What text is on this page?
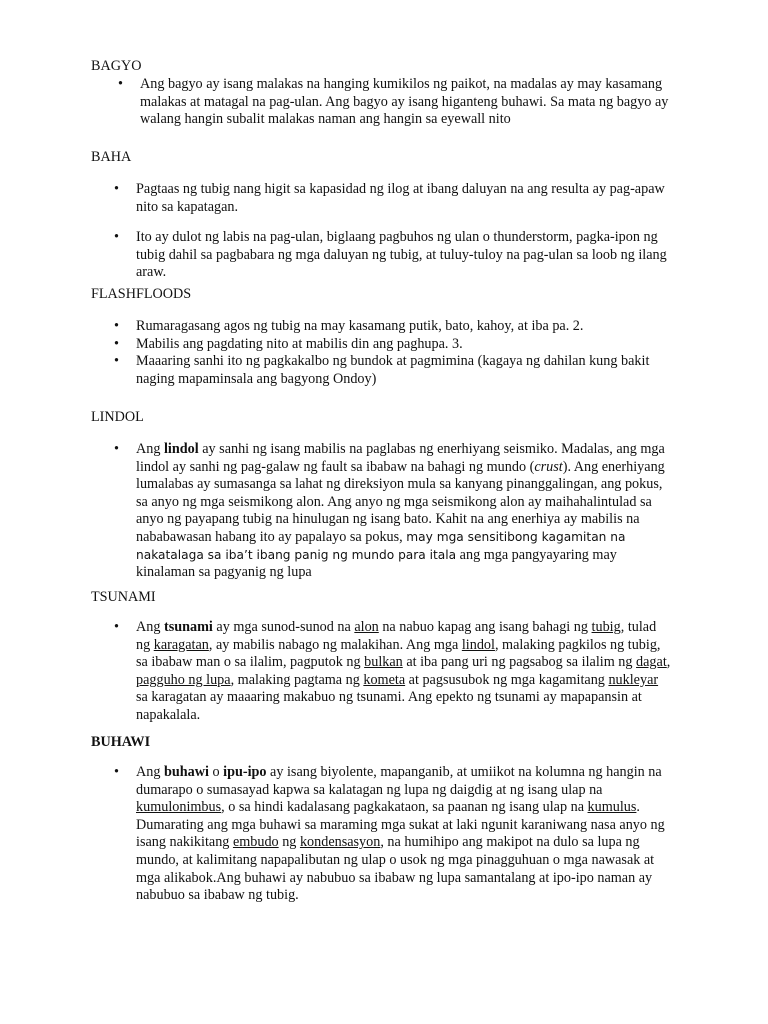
BAGYO
• Ang bagyo ay isang malakas na hanging kumikilos ng paikot, na madalas ay may kasamang malakas at matagal na pag-ulan. Ang bagyo ay isang higanteng buhawi. Sa mata ng bagyo ay walang hangin subalit malakas naman ang hangin sa eyewall nito
BAHA
• Pagtaas ng tubig nang higit sa kapasidad ng ilog at ibang daluyan na ang resulta ay pag-apaw nito sa kapatagan.
• Ito ay dulot ng labis na pag-ulan, biglaang pagbuhos ng ulan o thunderstorm, pagka-ipon ng tubig dahil sa pagbabara ng mga daluyan ng tubig, at tuluy-tuloy na pag-ulan sa loob ng ilang araw.
FLASHFLOODS
• Rumaragasang agos ng tubig na may kasamang putik, bato, kahoy, at iba pa. 2.
• Mabilis ang pagdating nito at mabilis din ang paghupa. 3.
• Maaaring sanhi ito ng pagkakalbo ng bundok at pagmimina (kagaya ng dahilan kung bakit naging mapaminsala ang bagyong Ondoy)
LINDOL
• Ang lindol ay sanhi ng isang mabilis na paglabas ng enerhiyang seismiko. Madalas, ang mga lindol ay sanhi ng pag-galaw ng fault sa ibabaw na bahagi ng mundo (crust). Ang enerhiyang lumalabas ay sumasanga sa lahat ng direksiyon mula sa kanyang pinanggalingan, ang pokus, sa anyo ng mga seismikong alon. Ang anyo ng mga seismikong alon ay maihahalintulad sa anyo ng payapang tubig na hinulugan ng isang bato. Kahit na ang enerhiya ay mabilis na nababawasan habang ito ay papalayo sa pokus, may mga sensitibong kagamitan na nakatalaga sa iba’t ibang panig ng mundo para itala ang mga pangyayaring may kinalaman sa pagyanig ng lupa
TSUNAMI
• Ang tsunami ay mga sunod-sunod na alon na nabuo kapag ang isang bahagi ng tubig, tulad ng karagatan, ay mabilis nabago ng malakihan. Ang mga lindol, malaking pagkilos ng tubig, sa ibabaw man o sa ilalim, pagputok ng bulkan at iba pang uri ng pagsabog sa ilalim ng dagat, pagguho ng lupa, malaking pagtama ng kometa at pagsusubok ng mga kagamitang nukleyar sa karagatan ay maaaring makabuo ng tsunami. Ang epekto ng tsunami ay mapapansin at napakalala.
BUHAWI
• Ang buhawi o ipu-ipo ay isang biyolente, mapanganib, at umiikot na kolumna ng hangin na dumarapo o sumasayad kapwa sa kalatagan ng lupa ng daigdig at ng isang ulap na kumulonimbus, o sa hindi kadalasang pagkakataon, sa paanan ng isang ulap na kumulus. Dumarating ang mga buhawi sa maraming mga sukat at laki ngunit karaniwang nasa anyo ng isang nakikitang embudo ng kondensasyon, na humihipo ang makipot na dulo sa lupa ng mundo, at kalimitang napapalibutan ng ulap o usok ng mga pinagguhuan o mga nawasak at mga alikabok.Ang buhawi ay nabubuo sa ibabaw ng lupa samantalang at ipo-ipo naman ay nabubuo sa ibabaw ng tubig.
